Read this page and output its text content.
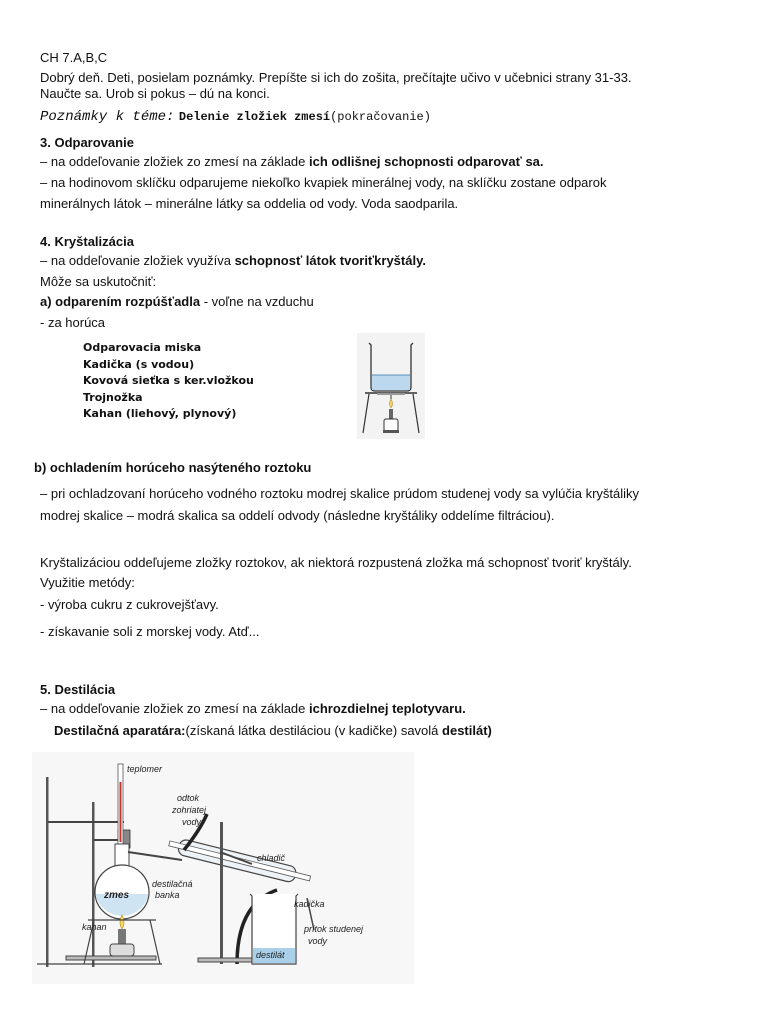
CH 7.A,B,C
Dobrý deň. Deti, posielam poznámky. Prepíšte si ich do zošita, prečítajte učivo v učebnici strany 31-33.
Naučte sa. Urob si pokus – dú na konci.
Poznámky k téme: Delenie zložiek zmesí(pokračovanie)
3. Odparovanie
– na oddeľovanie zložiek zo zmesí na základe ich odlišnej schopnosti odparovať sa.
– na hodinovom sklíčku odparujeme niekoľko kvapiek minerálnej vody, na sklíčku zostane odparok
minerálnych látok – minerálne látky sa oddelia od vody. Voda saodparila.
4. Kryštalizácia
– na oddeľovanie zložiek využíva schopnosť látok tvoriťkryštály.
Môže sa uskutočniť:
a) odparením rozpúšťadla - voľne na vzduchu
- za horúca
Odparovacia miska
Kadička (s vodou)
Kovová sieťka s ker.vložkou
Trojnožka
Kahan (liehový, plynový)
b) ochladením horúceho nasýteného roztoku
– pri ochladzovaní horúceho vodného roztoku modrej skalice prúdom studenej vody sa vylúčia kryštáliky
modrej skalice – modrá skalica sa oddelí odvody (následne kryštáliky oddelíme filtráciou).
Kryštalizáciou oddeľujeme zložky roztokov, ak niektorá rozpustená zložka má schopnosť tvoriť kryštály.
Využitie metódy:
- výroba cukru z cukrovejšťavy.
- získavanie soli z morskej vody. Atď...
5. Destilácia
– na oddeľovanie zložiek zo zmesí na základe ichrozdielnej teplotyvaru.
Destilačná aparatára:(získaná látka destiláciou (v kadičke) savolá destilát)
teplomer
odtok
zohriatej
vody
chladič
zmes
destilačná
banka
kadička
kahan	prítok studenej
vody
destilát
